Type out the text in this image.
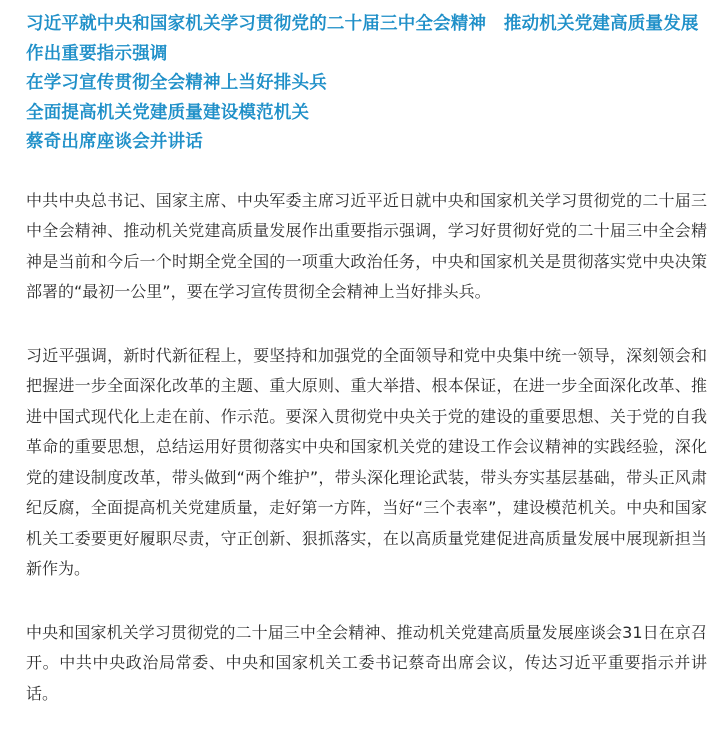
习近平就中央和国家机关学习贯彻党的二十届三中全会精神　推动机关党建高质量发展作出重要指示强调
在学习宣传贯彻全会精神上当好排头兵
全面提高机关党建质量建设模范机关
蔡奇出席座谈会并讲话

中共中央总书记、国家主席、中央军委主席习近平近日就中央和国家机关学习贯彻党的二十届三中全会精神、推动机关党建高质量发展作出重要指示强调，学习好贯彻好党的二十届三中全会精神是当前和今后一个时期全党全国的一项重大政治任务，中央和国家机关是贯彻落实党中央决策部署的“最初一公里”，要在学习宣传贯彻全会精神上当好排头兵。

习近平强调，新时代新征程上，要坚持和加强党的全面领导和党中央集中统一领导，深刻领会和把握进一步全面深化改革的主题、重大原则、重大举措、根本保证，在进一步全面深化改革、推进中国式现代化上走在前、作示范。要深入贯彻党中央关于党的建设的重要思想、关于党的自我革命的重要思想，总结运用好贯彻落实中央和国家机关党的建设工作会议精神的实践经验，深化党的建设制度改革，带头做到“两个维护”，带头深化理论武装，带头夯实基层基础，带头正风肃纪反腐，全面提高机关党建质量，走好第一方阵，当好“三个表率”，建设模范机关。中央和国家机关工委要更好履职尽责，守正创新、狠抓落实，在以高质量党建促进高质量发展中展现新担当新作为。

中央和国家机关学习贯彻党的二十届三中全会精神、推动机关党建高质量发展座谈会31日在京召开。中共中央政治局常委、中央和国家机关工委书记蔡奇出席会议，传达习近平重要指示并讲话。
